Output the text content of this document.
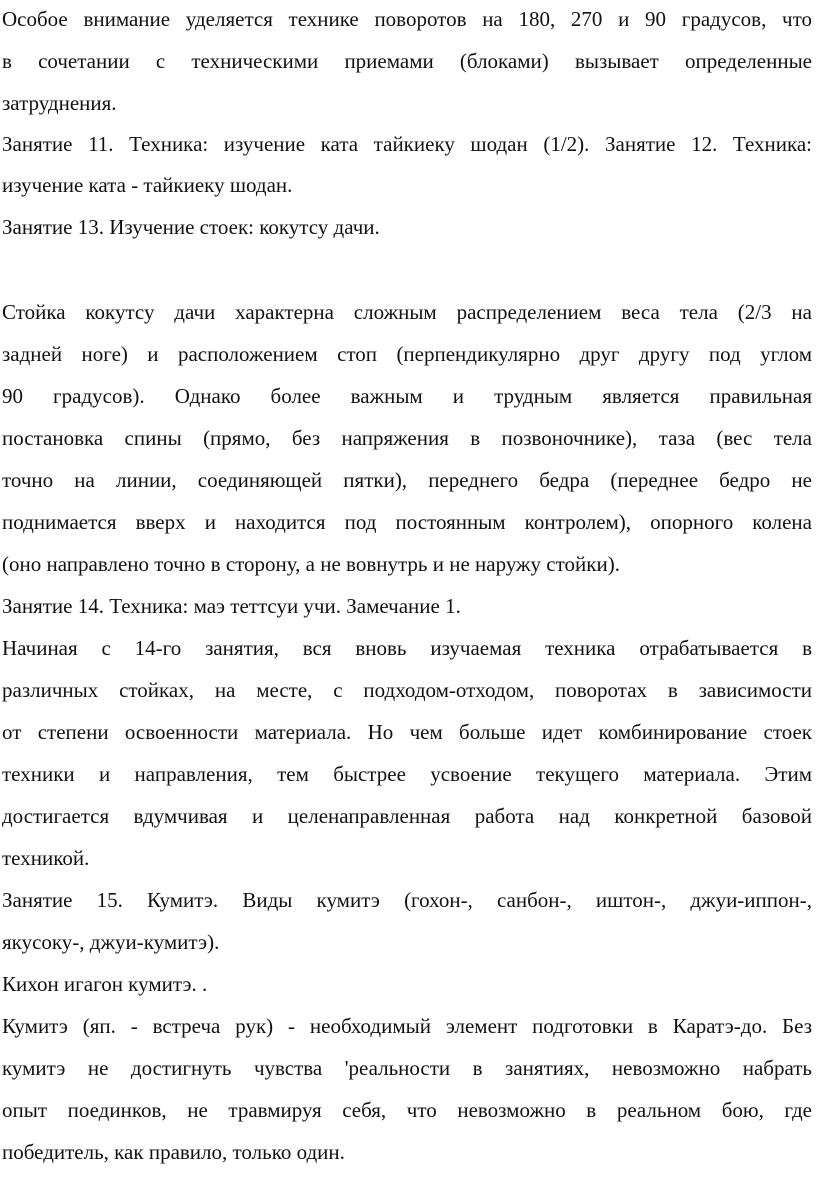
Особое внимание уделяется технике поворотов на 180, 270 и 90 градусов, что
в сочетании с техническими приемами (блоками) вызывает определенные
затруднения.
Занятие 11. Техника: изучение ката тайкиеку шодан (1/2). Занятие 12. Техника:
изучение ката - тайкиеку шодан.
Занятие 13. Изучение стоек: кокутсу дачи.
Стойка кокутсу дачи характерна сложным распределением веса тела (2/3 на
задней ноге) и расположением стоп (перпендикулярно друг другу под углом
90 градусов). Однако более важным и трудным является правильная
постановка спины (прямо, без напряжения в позвоночнике), таза (вес тела
точно на линии, соединяющей пятки), переднего бедра (переднее бедро не
поднимается вверх и находится под постоянным контролем), опорного колена
(оно направлено точно в сторону, а не вовнутрь и не наружу стойки).
Занятие 14. Техника: маэ теттсуи учи. Замечание 1.
Начиная с 14-го занятия, вся вновь изучаемая техника отрабатывается в
различных стойках, на месте, с подходом-отходом, поворотах в зависимости
от степени освоенности материала. Но чем больше идет комбинирование стоек
техники и направления, тем быстрее усвоение текущего материала. Этим
достигается вдумчивая и целенаправленная работа над конкретной базовой
техникой.
Занятие 15. Кумитэ. Виды кумитэ (гохон-, санбон-, иштон-, джуи-иппон-,
якусоку-, джуи-кумитэ).
Кихон игагон кумитэ. .
Кумитэ (яп. - встреча рук) - необходимый элемент подготовки в Каратэ-до. Без
кумитэ не достигнуть чувства 'реальности в занятиях, невозможно набрать
опыт поединков, не травмируя себя, что невозможно в реальном бою, где
победитель, как правило, только один.
